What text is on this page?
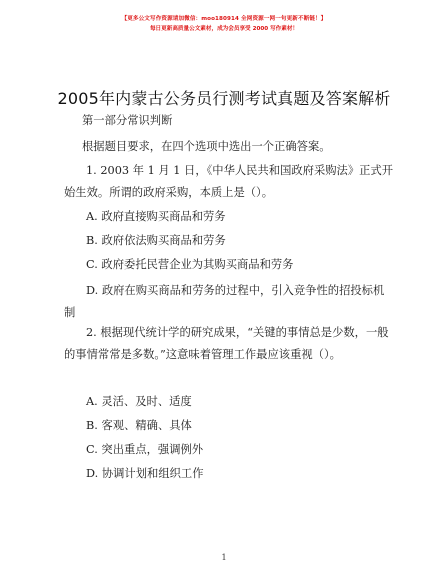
【更多公文写作资源请加微信：moo180914 全网资源一网一句更新不断链！】
每日更新高质量公文素材，成为会员享受 2000 写作素材！
2005年内蒙古公务员行测考试真题及答案解析
第一部分常识判断
根据题目要求，在四个选项中选出一个正确答案。
1. 2003 年 1 月 1 日，《中华人民共和国政府采购法》正式开始生效。所谓的政府采购，本质上是（）。
A. 政府直接购买商品和劳务
B. 政府依法购买商品和劳务
C. 政府委托民营企业为其购买商品和劳务
D. 政府在购买商品和劳务的过程中，引入竞争性的招投标机制
2. 根据现代统计学的研究成果，“关键的事情总是少数，一般的事情常常是多数。”这意味着管理工作最应该重视（）。
A. 灵活、及时、适度
B. 客观、精确、具体
C. 突出重点，强调例外
D. 协调计划和组织工作
1
